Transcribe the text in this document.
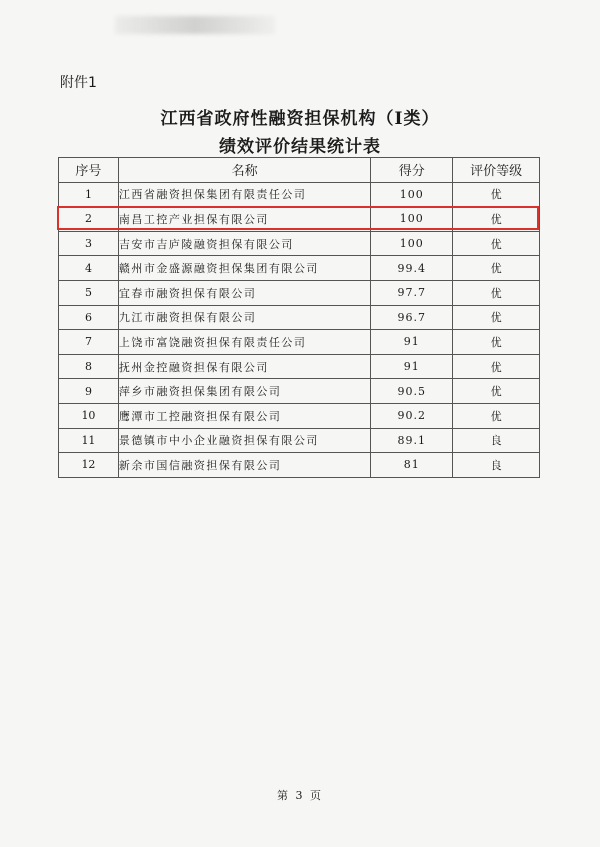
附件1
江西省政府性融资担保机构（I类）
绩效评价结果统计表
序号	名称	得分	评价等级
1	江西省融资担保集团有限责任公司	100	优
2	南昌工控产业担保有限公司	100	优
3	吉安市吉庐陵融资担保有限公司	100	优
4	赣州市金盛源融资担保集团有限公司	99.4	优
5	宜春市融资担保有限公司	97.7	优
6	九江市融资担保有限公司	96.7	优
7	上饶市富饶融资担保有限责任公司	91	优
8	抚州金控融资担保有限公司	91	优
9	萍乡市融资担保集团有限公司	90.5	优
10	鹰潭市工控融资担保有限公司	90.2	优
11	景德镇市中小企业融资担保有限公司	89.1	良
12	新余市国信融资担保有限公司	81	良
第 3 页
